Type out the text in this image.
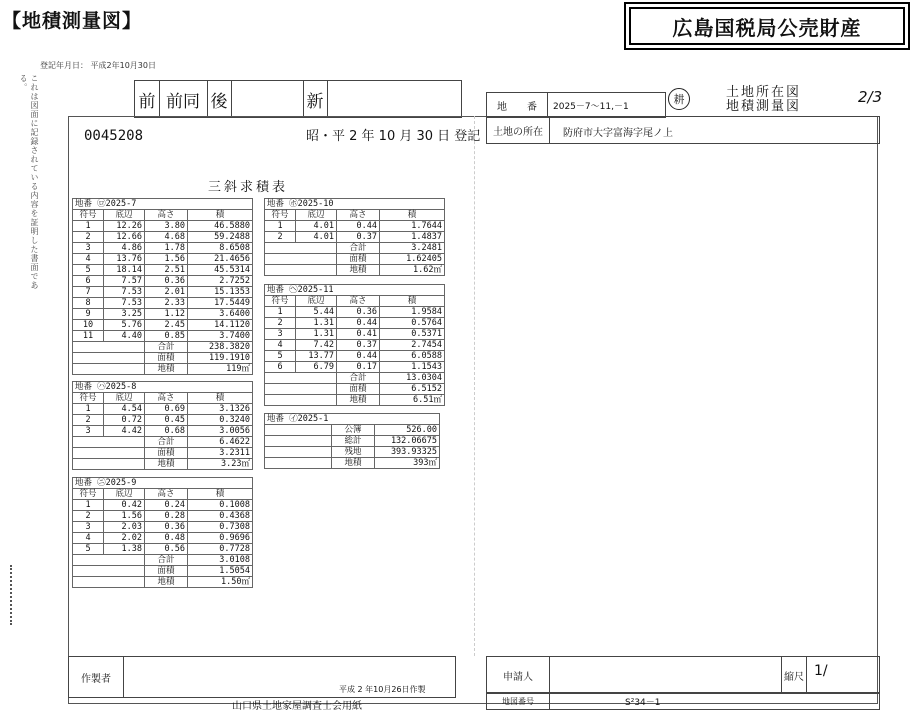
【地積測量図】	広島国税局公売財産
登記年月日： 平成2年10月30日
これは図面に記録されている内容を証明した書面である。
前 前同 後	新	地　　番	2025－7～11,－1
耕	土地所在図
地積測量図
2/3
土地の所在	防府市大字富海字尾ノ上
0045208	昭・平 2 年 10 月 30 日 登記
三斜求積表
地番 ㋺2025-7			
符号	底辺	高さ	積
1	12.26	3.80	46.5880
2	12.66	4.68	59.2488
3	4.86	1.78	8.6508
4	13.76	1.56	21.4656
5	18.14	2.51	45.5314
6	7.57	0.36	2.7252
7	7.53	2.01	15.1353
8	7.53	2.33	17.5449
9	3.25	1.12	3.6400
10	5.76	2.45	14.1120
11	4.40	0.85	3.7400
		合計	238.3820
		面積	119.1910
		地積	119㎡
地番 ㋭2025-10			
符号	底辺	高さ	積
1	4.01	0.44	1.7644
2	4.01	0.37	1.4837
		合計	3.2481
		面積	1.62405
		地積	1.62㎡
地番 ㋬2025-11			
符号	底辺	高さ	積
1	5.44	0.36	1.9584
2	1.31	0.44	0.5764
3	1.31	0.41	0.5371
4	7.42	0.37	2.7454
5	13.77	0.44	6.0588
6	6.79	0.17	1.1543
		合計	13.0304
		面積	6.5152
		地積	6.51㎡
地番 ㋩2025-8			
符号	底辺	高さ	積
1	4.54	0.69	3.1326
2	0.72	0.45	0.3240
3	4.42	0.68	3.0056
		合計	6.4622
		面積	3.2311
		地積	3.23㎡
地番 ㋑2025-1		
	公簿	526.00
	総計	132.06675
	残地	393.93325
	地積	393㎡
地番 ㋥2025-9			
符号	底辺	高さ	積
1	0.42	0.24	0.1008
2	1.56	0.28	0.4368
3	2.03	0.36	0.7308
4	2.02	0.48	0.9696
5	1.38	0.56	0.7728
		合計	3.0108
		面積	1.5054
		地積	1.50㎡
作製者
平成 2 年10月26日作製
申請人	縮尺 1/
地図番号	S²34－1
山口県土地家屋調査士会用紙
